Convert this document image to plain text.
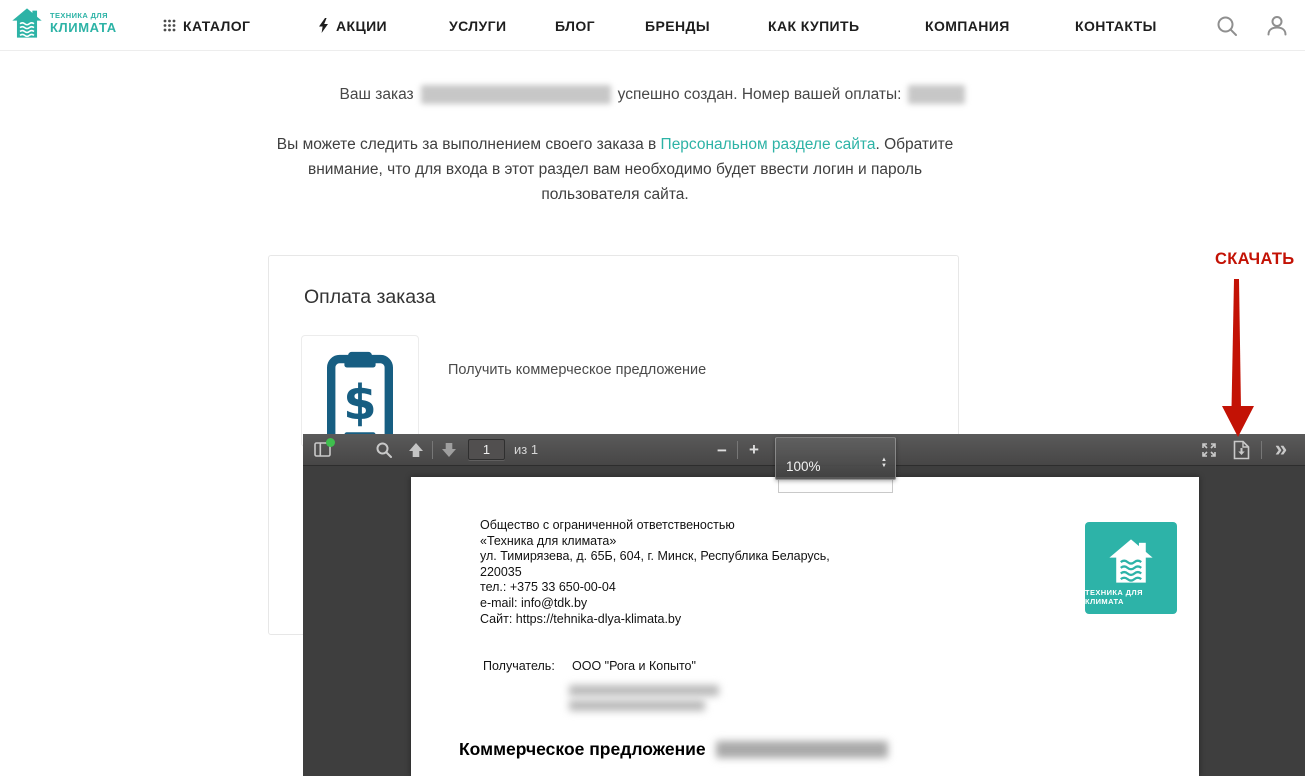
ТЕХНИКА ДЛЯ
КЛИМАТА	КАТАЛОГ	АКЦИИ	УСЛУГИ	БЛОГ	БРЕНДЫ	КАК КУПИТЬ	КОМПАНИЯ	КОНТАКТЫ
Ваш заказ	успешно создан. Номер вашей оплаты:
Вы можете следить за выполнением своего заказа в Персональном разделе сайта. Обратите внимание, что для входа в этот раздел вам необходимо будет ввести логин и пароль пользователя сайта.
Оплата заказа
$
Получить коммерческое предложение
СКАЧАТЬ
1
из 1	− +	»
100%	▲
▼
Общество с ограниченной ответственостью
«Техника для климата»
ул. Тимирязева, д. 65Б, 604, г. Минск, Республика Беларусь,
220035
тел.: +375 33 650-00-04
e-mail: info@tdk.by
Сайт: https://tehnika-dlya-klimata.by
Получатель: ООО "Рога и Копыто"
Коммерческое предложение
ТЕХНИКА ДЛЯ КЛИМАТА
